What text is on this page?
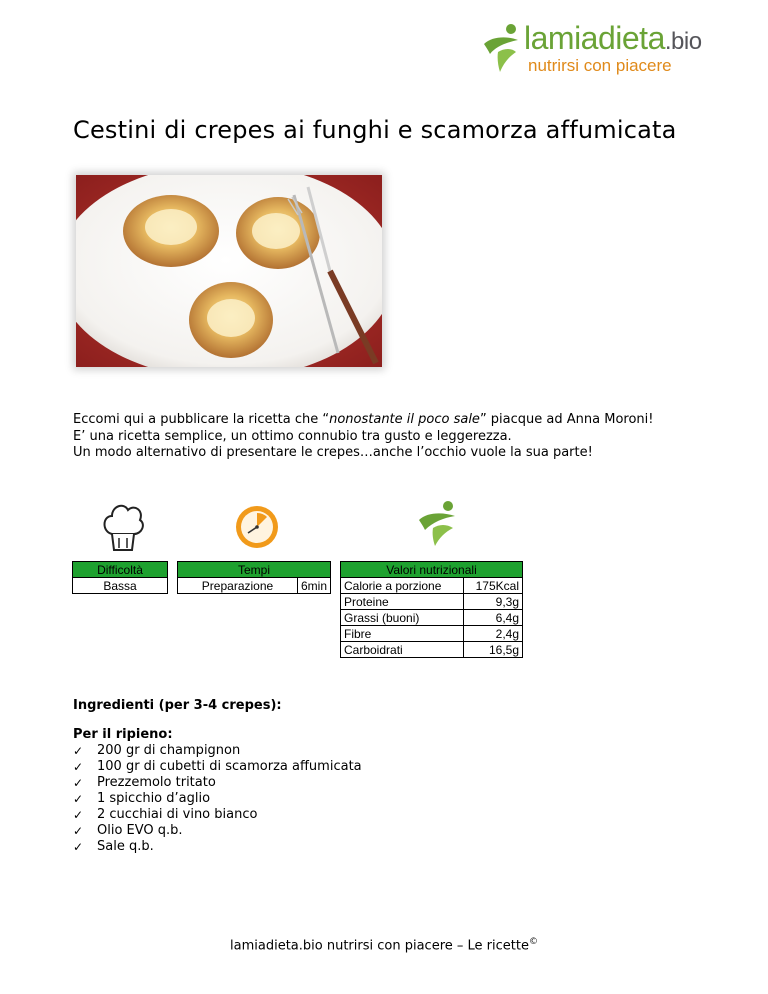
lamiadieta.bio
nutrirsi con piacere
Cestini di crepes ai funghi e scamorza affumicata

Eccomi qui a pubblicare la ricetta che “nonostante il poco sale” piacque ad Anna Moroni!

E’ una ricetta semplice, un ottimo connubio tra gusto e leggerezza.

Un modo alternativo di presentare le crepes…anche l’occhio vuole la sua parte!

Difficoltà
Bassa
Tempi
Preparazione	6min
Valori nutrizionali	
Calorie a porzione	175Kcal
Proteine	9,3g
Grassi (buoni)	6,4g
Fibre	2,4g
Carboidrati	16,5g

Ingredienti (per 3-4 crepes):

Per il ripieno:

✓ 200 gr di champignon
✓ 100 gr di cubetti di scamorza affumicata
✓ Prezzemolo tritato
✓ 1 spicchio d’aglio
✓ 2 cucchiai di vino bianco
✓ Olio EVO q.b.
✓ Sale q.b.
lamiadieta.bio nutrirsi con piacere – Le ricette©
